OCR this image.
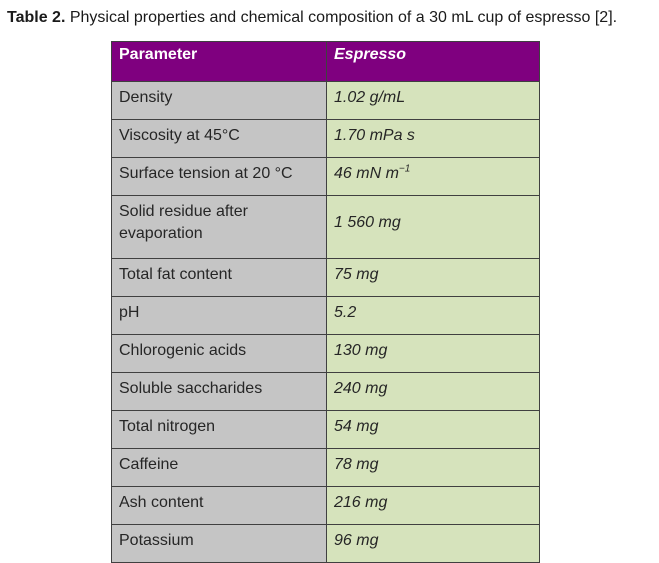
Table 2. Physical properties and chemical composition of a 30 mL cup of espresso [2].
Parameter	Espresso
Density	1.02 g/mL
Viscosity at 45°C	1.70 mPa s
Surface tension at 20 °C	46 mN $m^{-1}$
Solid residue after evaporation	1 560 mg
Total fat content	75 mg
pH	5.2
Chlorogenic acids	130 mg
Soluble saccharides	240 mg
Total nitrogen	54 mg
Caffeine	78 mg
Ash content	216 mg
Potassium	96 mg
